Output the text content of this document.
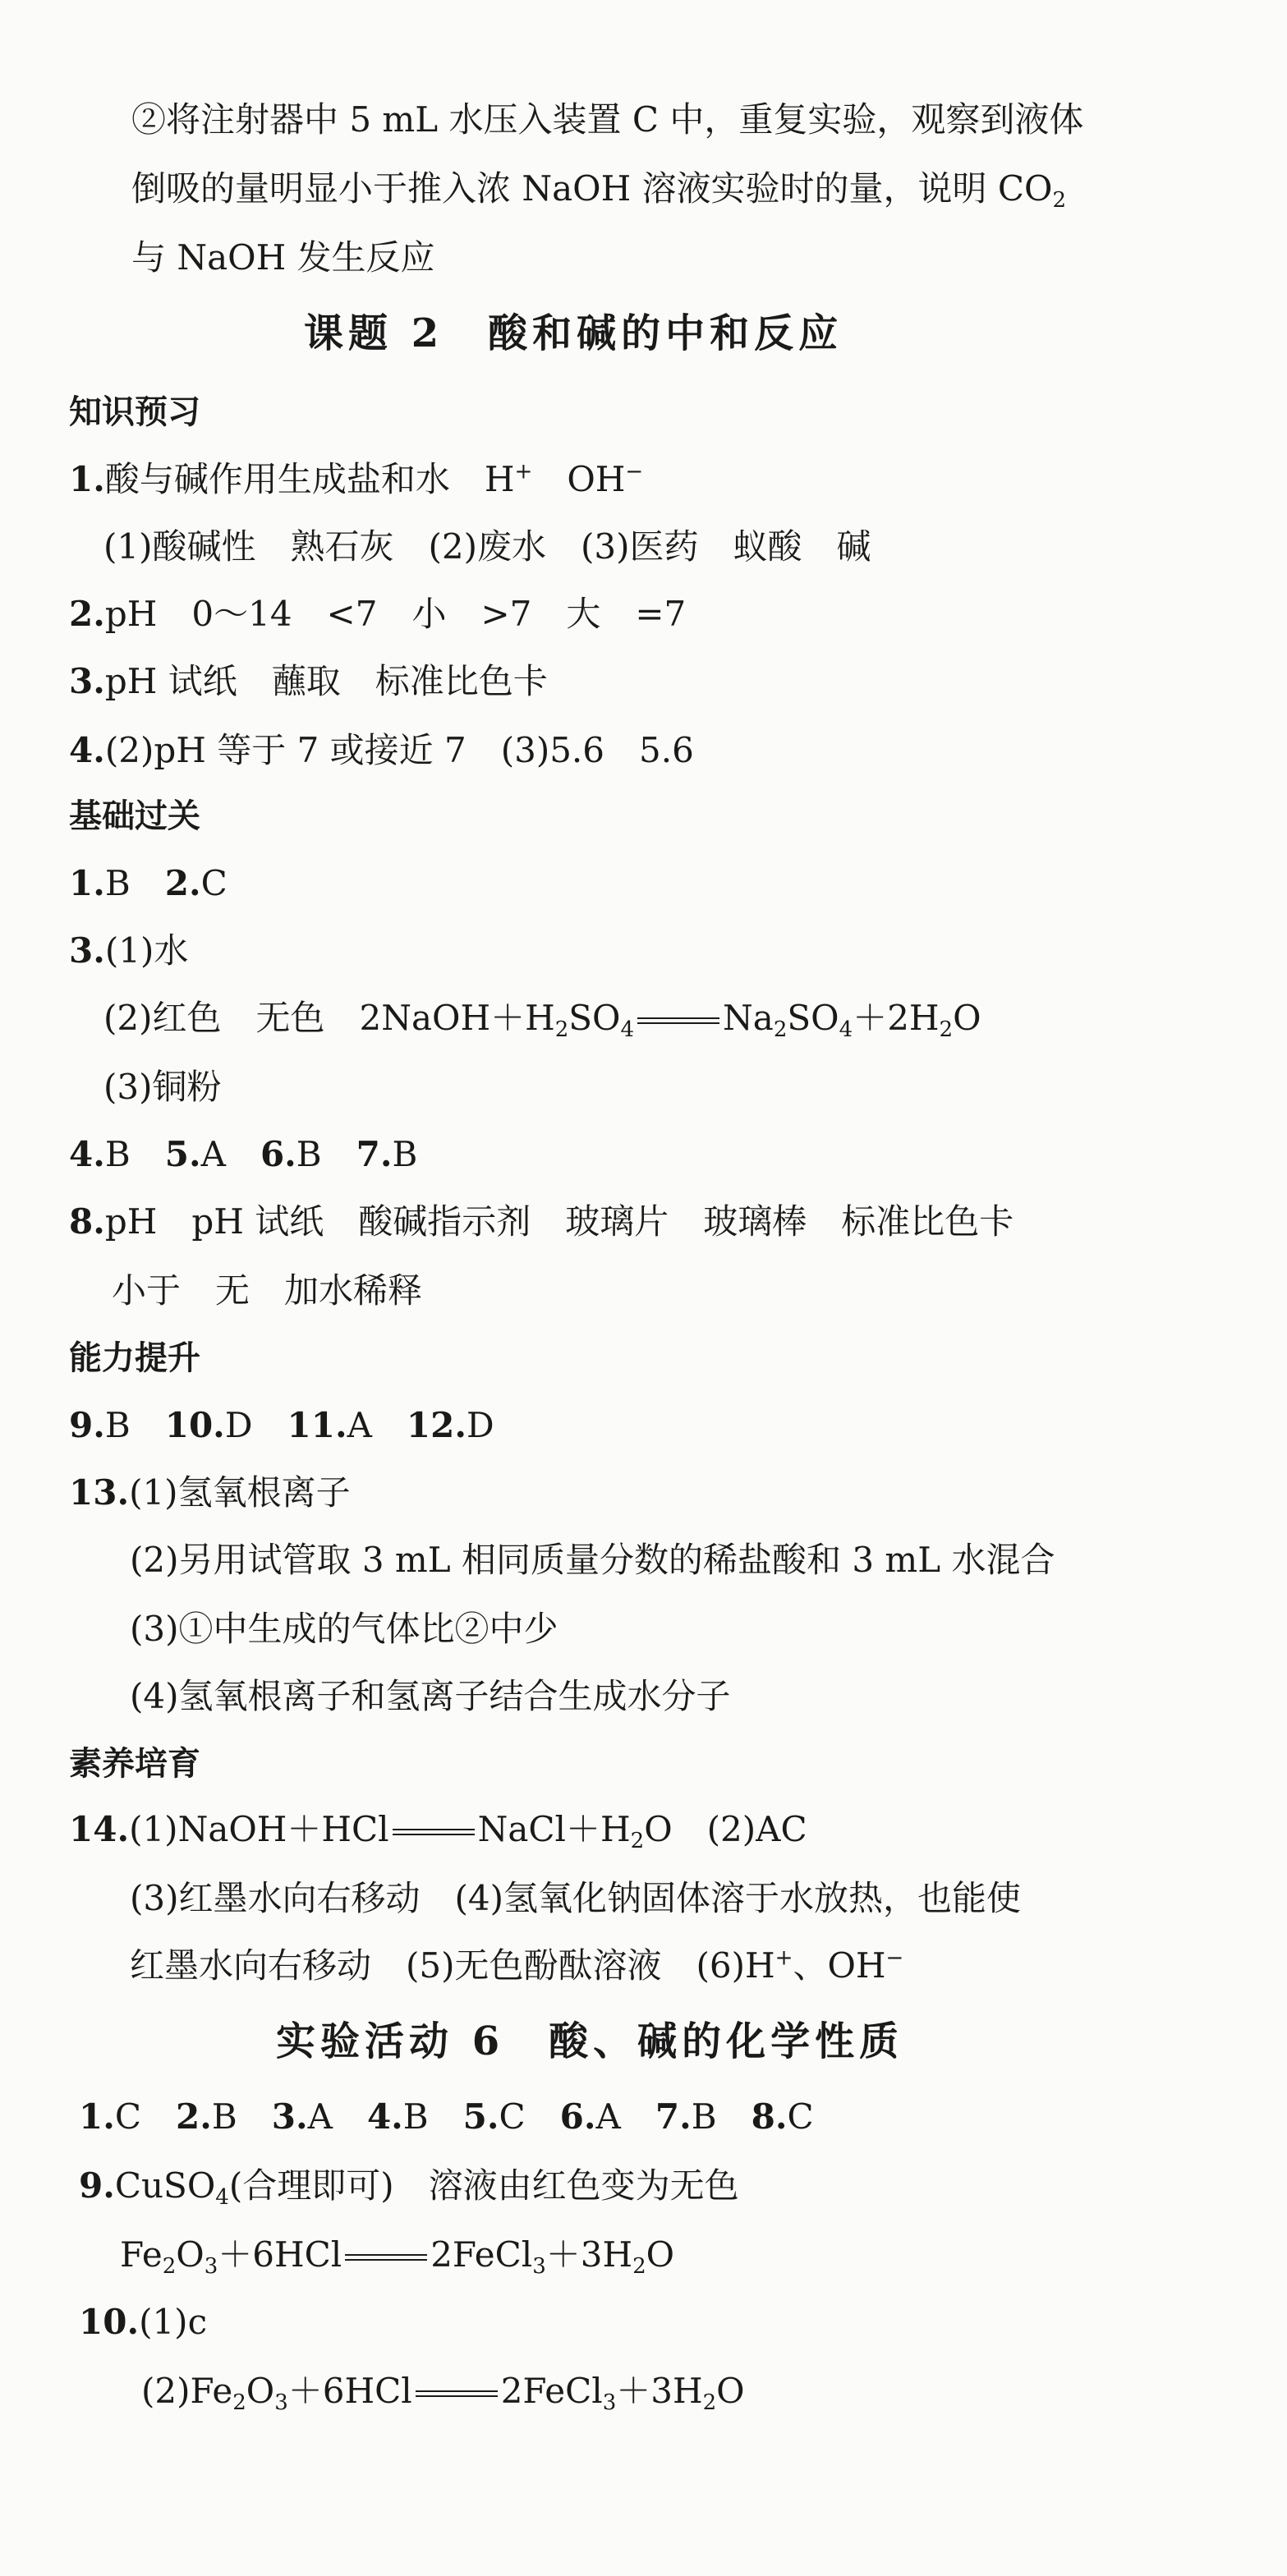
②将注射器中 5 mL 水压入装置 C 中，重复实验，观察到液体
倒吸的量明显小于推入浓 NaOH 溶液实验时的量，说明 $CO_2$
与 NaOH 发生反应
课题 2　酸和碱的中和反应
知识预习
1.酸与碱作用生成盐和水　H+　OH−
(1)酸碱性　熟石灰　(2)废水　(3)医药　蚁酸　碱
2.pH　0～14　<7　小　>7　大　=7
3.pH 试纸　蘸取　标准比色卡
4.(2)pH 等于 7 或接近 7　(3)5.6　5.6
基础过关
1.B  2.C
3.(1)水
(2)红色　无色　$2NaOH+H_2SO_4$	$Na_2SO_4+2H_2O$
(3)铜粉
4.B  5.A  6.B  7.B
8.pH　pH 试纸　酸碱指示剂　玻璃片　玻璃棒　标准比色卡
小于　无　加水稀释
能力提升
9.B  10.D  11.A  12.D
13.(1)氢氧根离子
(2)另用试管取 3 mL 相同质量分数的稀盐酸和 3 mL 水混合
(3)①中生成的气体比②中少
(4)氢氧根离子和氢离子结合生成水分子
素养培育
14.(1)NaOH＋HCl	$NaCl+H_2O$　(2)AC
(3)红墨水向右移动　(4)氢氧化钠固体溶于水放热，也能使
红墨水向右移动　(5)无色酚酞溶液　(6)H+、OH−
实验活动 6　酸、碱的化学性质
1.C  2.B  3.A  4.B  5.C  6.A  7.B  8.C
9.CuSO$_4$(合理即可)　溶液由红色变为无色
$Fe_2O_3+6HCl$	$2FeCl_3+3H_2O$
10.(1)c
$(2)Fe_2O_3+6HCl$	$2FeCl_3+3H_2O$
